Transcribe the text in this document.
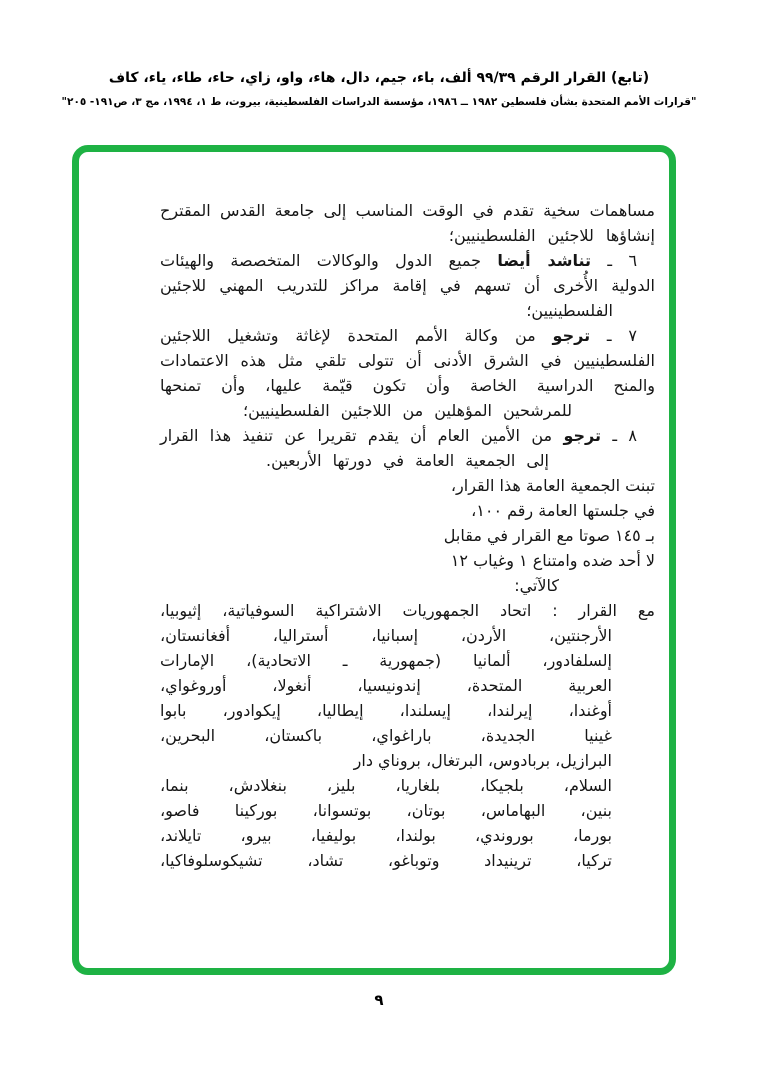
(تابع) القرار الرقم ٩٩/٣٩ ألف، باء، جيم، دال، هاء، واو، زاي، حاء، طاء، ياء، كاف
"قرارات الأمم المتحدة بشأن فلسطين ١٩٨٢ ــ ١٩٨٦، مؤسسة الدراسات الفلسطينية، بيروت، ط ١، ١٩٩٤، مج ٣، ص١٩١- ٢٠٥"
مساهمات سخية تقدم في الوقت المناسب إلى جامعة القدس المقترح
إنشاؤها للاجئين الفلسطينيين؛
٦ ـ تناشد أيضا جميع الدول والوكالات المتخصصة والهيئات
الدولية الأُخرى أن تسهم في إقامة مراكز للتدريب المهني للاجئين
الفلسطينيين؛
٧ ـ ترجو من وكالة الأمم المتحدة لإغاثة وتشغيل اللاجئين
الفلسطينيين في الشرق الأدنى أن تتولى تلقي مثل هذه الاعتمادات
والمنح الدراسية الخاصة وأن تكون قيّمة عليها، وأن تمنحها
للمرشحين المؤهلين من اللاجئين الفلسطينيين؛
٨ ـ ترجو من الأمين العام أن يقدم تقريرا عن تنفيذ هذا القرار
إلى الجمعية العامة في دورتها الأربعين.
تبنت الجمعية العامة هذا القرار،
في جلستها العامة رقم ١٠٠،
بـ ١٤٥ صوتا مع القرار في مقابل
لا أحد ضده وامتناع ١ وغياب ١٢
كالآتي:
مع القرار : اتحاد الجمهوريات الاشتراكية السوفياتية، إثيوبيا،
الأرجنتين، الأردن، إسبانيا، أستراليا، أفغانستان،
إلسلفادور، ألمانيا (جمهورية ـ الاتحادية)، الإمارات
العربية المتحدة، إندونيسيا، أنغولا، أوروغواي،
أوغندا، إيرلندا، إيسلندا، إيطاليا، إيكوادور، بابوا
غينيا الجديدة، باراغواي، باكستان، البحرين،
البرازيل، بربادوس، البرتغال، بروناي دار
السلام، بلجيكا، بلغاريا، بليز، بنغلادش، بنما،
بنين، البهاماس، بوتان، بوتسوانا، بوركينا فاصو،
بورما، بوروندي، بولندا، بوليفيا، بيرو، تايلاند،
تركيا، ترينيداد وتوباغو، تشاد، تشيكوسلوفاكيا،
٩
